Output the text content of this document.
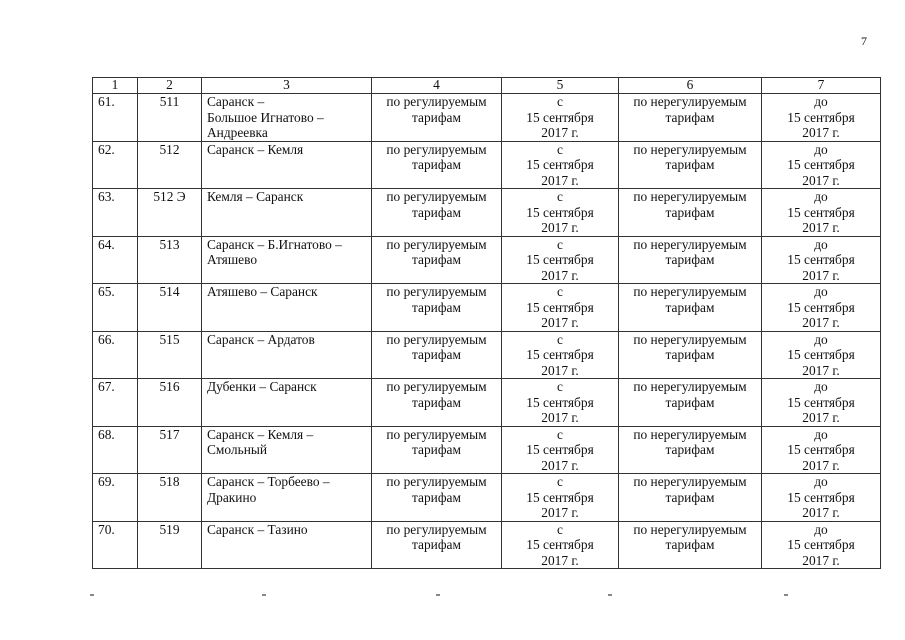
7
1	2	3	4	5	6	7
61.	511	Саранск –
Большое Игнатово –
Андреевка	по регулируемым
тарифам	с
15 сентября
2017 г.	по нерегулируемым
тарифам	до
15 сентября
2017 г.
62.	512	Саранск – Кемля	по регулируемым
тарифам	с
15 сентября
2017 г.	по нерегулируемым
тарифам	до
15 сентября
2017 г.
63.	512 Э	Кемля – Саранск	по регулируемым
тарифам	с
15 сентября
2017 г.	по нерегулируемым
тарифам	до
15 сентября
2017 г.
64.	513	Саранск – Б.Игнатово –
Атяшево	по регулируемым
тарифам	с
15 сентября
2017 г.	по нерегулируемым
тарифам	до
15 сентября
2017 г.
65.	514	Атяшево – Саранск	по регулируемым
тарифам	с
15 сентября
2017 г.	по нерегулируемым
тарифам	до
15 сентября
2017 г.
66.	515	Саранск – Ардатов	по регулируемым
тарифам	с
15 сентября
2017 г.	по нерегулируемым
тарифам	до
15 сентября
2017 г.
67.	516	Дубенки – Саранск	по регулируемым
тарифам	с
15 сентября
2017 г.	по нерегулируемым
тарифам	до
15 сентября
2017 г.
68.	517	Саранск – Кемля –
Смольный	по регулируемым
тарифам	с
15 сентября
2017 г.	по нерегулируемым
тарифам	до
15 сентября
2017 г.
69.	518	Саранск – Торбеево –
Дракино	по регулируемым
тарифам	с
15 сентября
2017 г.	по нерегулируемым
тарифам	до
15 сентября
2017 г.
70.	519	Саранск – Тазино	по регулируемым
тарифам	с
15 сентября
2017 г.	по нерегулируемым
тарифам	до
15 сентября
2017 г.
